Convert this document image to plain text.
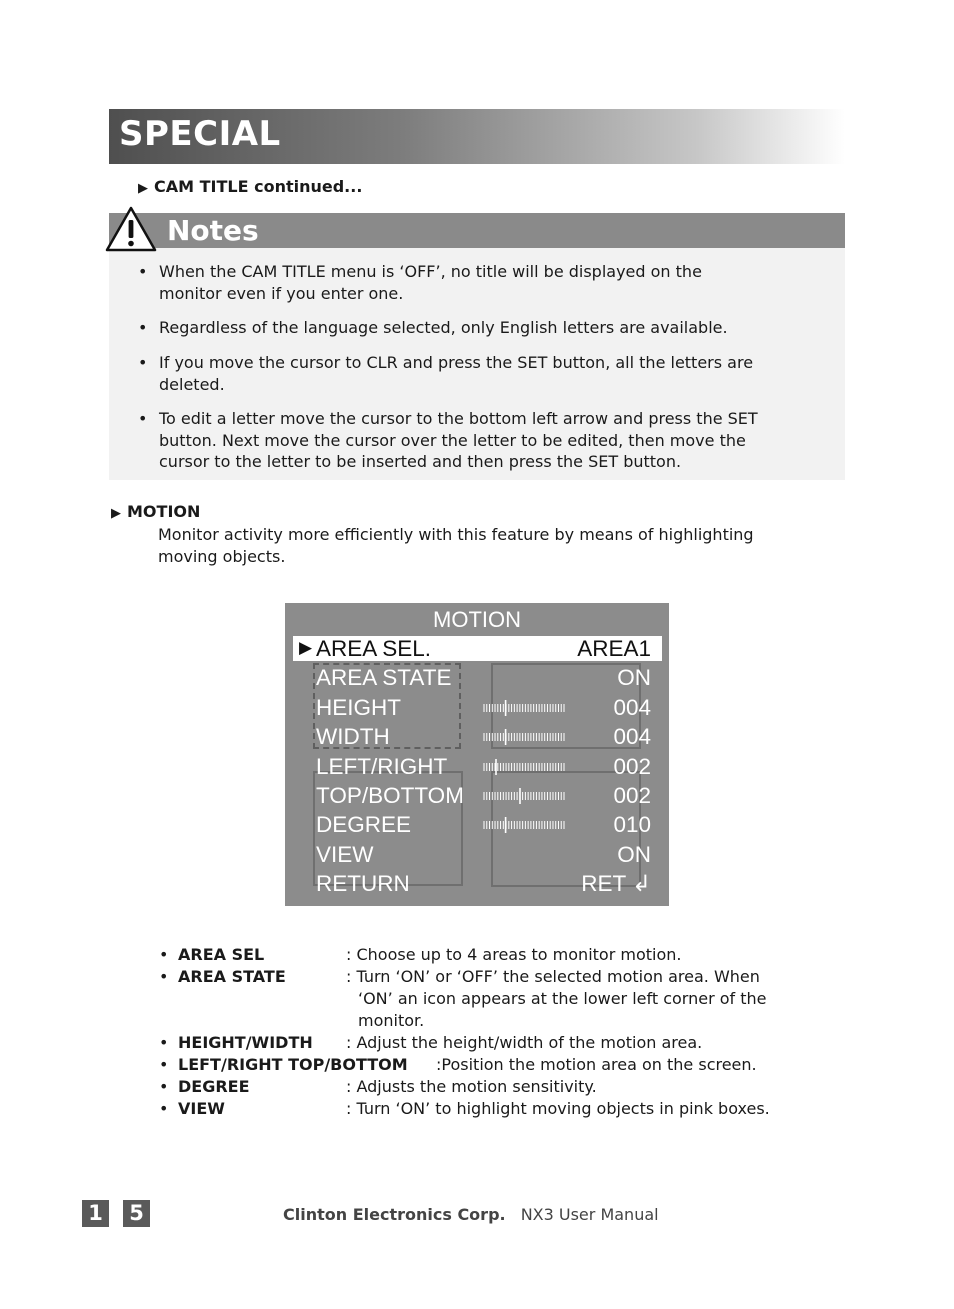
SPECIAL
▶ CAM TITLE continued...
Notes
• When the CAM TITLE menu is ‘OFF’, no title will be displayed on the
monitor even if you enter one.
• Regardless of the language selected, only English letters are available.
• If you move the cursor to CLR and press the SET button, all the letters are
deleted.
• To edit a letter move the cursor to the bottom left arrow and press the SET
button. Next move the cursor over the letter to be edited, then move the
cursor to the letter to be inserted and then press the SET button.
▶ MOTION
Monitor activity more efficiently with this feature by means of highlighting
moving objects.
MOTION
▶ AREA SEL.	AREA1
AREA STATE	ON
HEIGHT	004
WIDTH	004
LEFT/RIGHT	002
TOP/BOTTOM	002
DEGREE	010
VIEW	ON
RETURN	RET ↲
• AREA SEL	: Choose up to 4 areas to monitor motion.
• AREA STATE	: Turn ‘ON’ or ‘OFF’ the selected motion area. When
‘ON’ an icon appears at the lower left corner of the
monitor.
• HEIGHT/WIDTH : Adjust the height/width of the motion area.
• LEFT/RIGHT TOP/BOTTOM :Position the motion area on the screen.
• DEGREE	: Adjusts the motion sensitivity.
• VIEW	: Turn ‘ON’ to highlight moving objects in pink boxes.
1 5	Clinton Electronics Corp. NX3 User Manual
